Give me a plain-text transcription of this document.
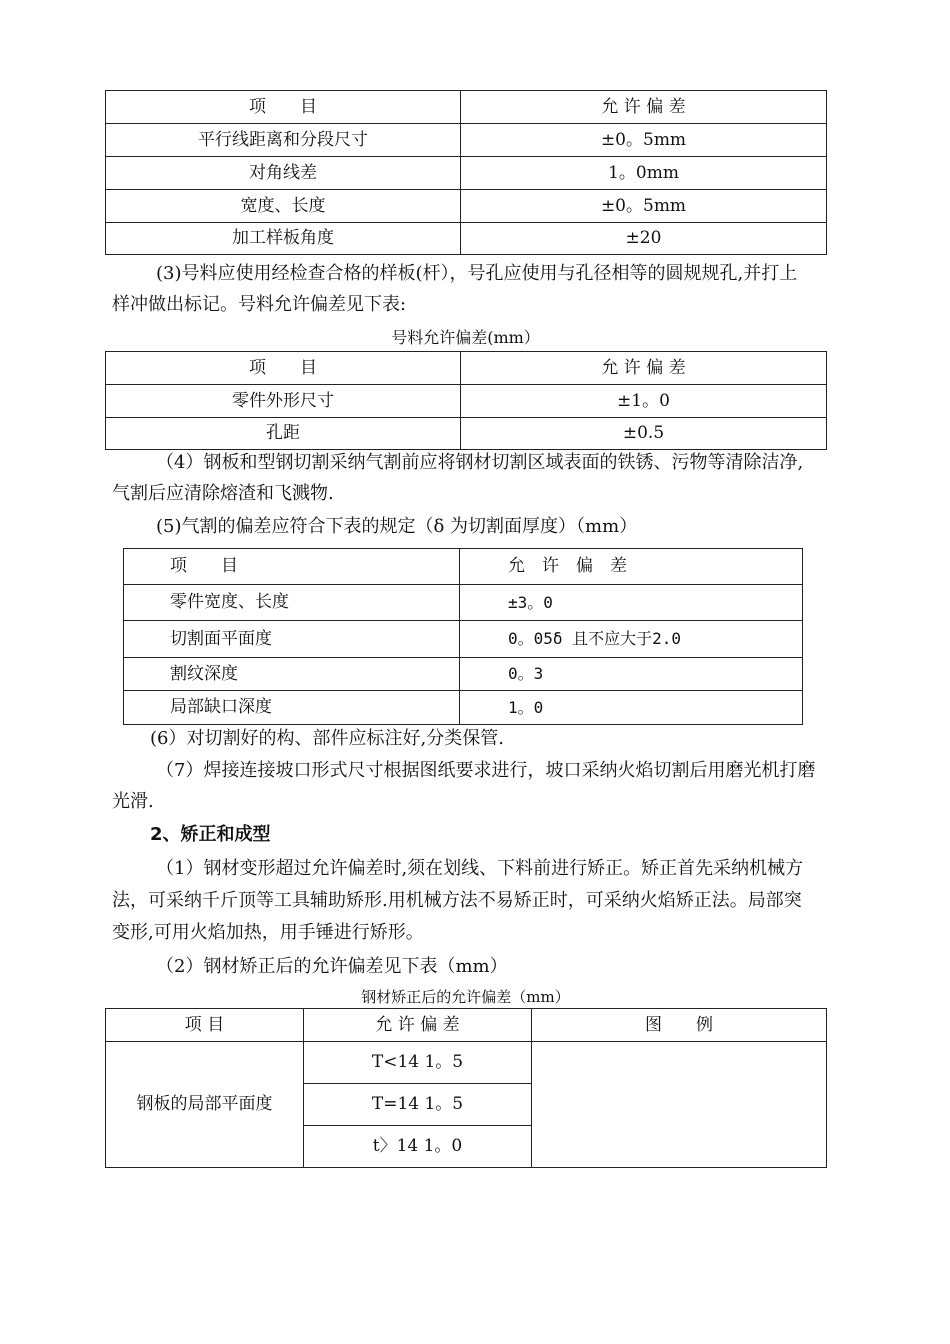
项　　目	允 许 偏 差
平行线距离和分段尺寸	±0。5mm
对角线差	1。0mm
宽度、长度	±0。5mm
加工样板角度	±20

(3)号料应使用经检查合格的样板(杆），号孔应使用与孔径相等的圆规规孔,并打上

样冲做出标记。号料允许偏差见下表:

号料允许偏差(mm）
项　　目	允 许 偏 差
零件外形尺寸	±1。0
孔距	±0.5

（4）钢板和型钢切割采纳气割前应将钢材切割区域表面的铁锈、污物等清除洁净,

气割后应清除熔渣和飞溅物.

(5)气割的偏差应符合下表的规定（δ 为切割面厚度）（mm）

项　　目	允　许　偏　差
零件宽度、长度	±3。0
切割面平面度	0。05δ 且不应大于2.0
割纹深度	0。3
局部缺口深度	1。0

(6）对切割好的构、部件应标注好,分类保管.

（7）焊接连接坡口形式尺寸根据图纸要求进行，坡口采纳火焰切割后用磨光机打磨

光滑.

2、矫正和成型

（1）钢材变形超过允许偏差时,须在划线、下料前进行矫正。矫正首先采纳机械方

法，可采纳千斤顶等工具辅助矫形.用机械方法不易矫正时，可采纳火焰矫正法。局部突

变形,可用火焰加热，用手锤进行矫形。

（2）钢材矫正后的允许偏差见下表（mm）

钢材矫正后的允许偏差（mm）
项 目	允 许 偏 差	图　　例
钢板的局部平面度	T<14 1。5	
	T=14 1。5	
	t〉14 1。0	
